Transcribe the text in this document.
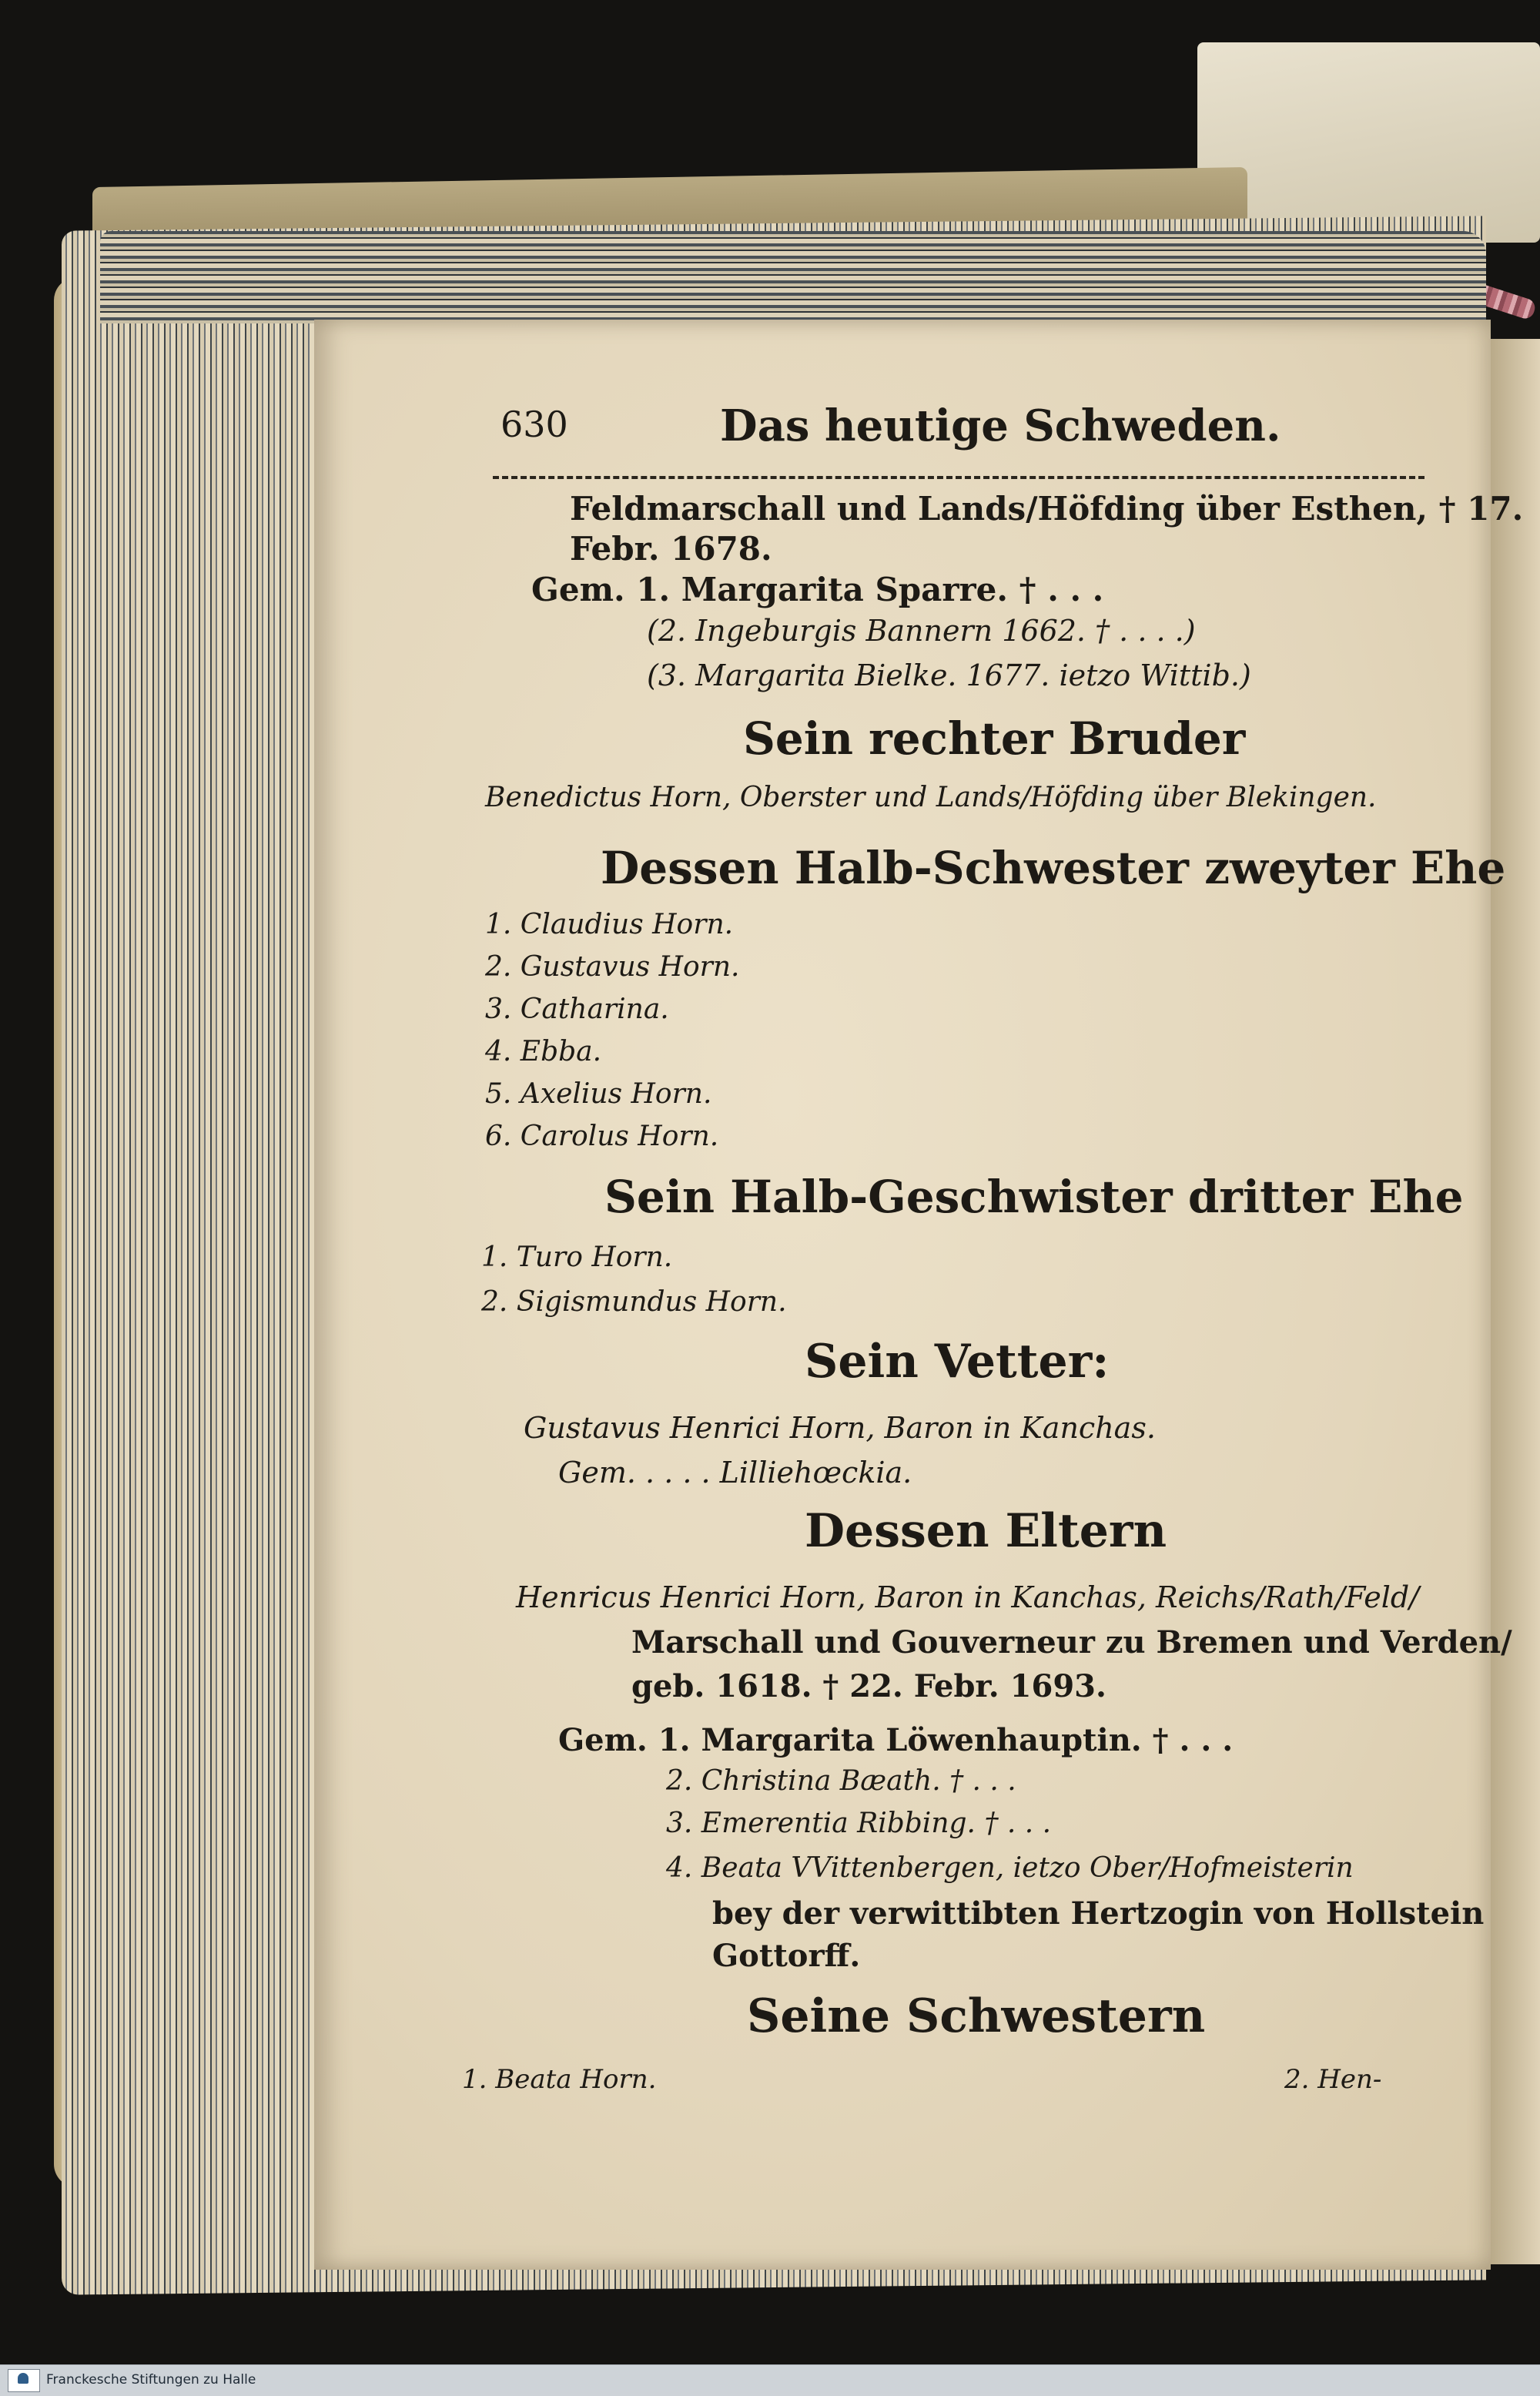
630	Das heutige Schweden.
Feldmarschall und Lands/Höfding über Esthen, † 17.
Febr. 1678.
Gem. 1. Margarita Sparre. † . . .
(2. Ingeburgis Bannern 1662. † . . . .)
(3. Margarita Bielke. 1677. ietzo Wittib.)
Sein rechter Bruder
Benedictus Horn, Oberster und Lands/Höfding über Blekingen.
Dessen Halb-Schwester zweyter Ehe
1. Claudius Horn.
2. Gustavus Horn.
3. Catharina.
4. Ebba.
5. Axelius Horn.
6. Carolus Horn.
Sein Halb-Geschwister dritter Ehe
1. Turo Horn.
2. Sigismundus Horn.
Sein Vetter:
Gustavus Henrici Horn, Baron in Kanchas.
Gem. . . . . Lilliehœckia.
Dessen Eltern
Henricus Henrici Horn, Baron in Kanchas, Reichs/Rath/Feld/
Marschall und Gouverneur zu Bremen und Verden/
geb. 1618. † 22. Febr. 1693.
Gem. 1. Margarita Löwenhauptin. † . . .
2. Christina Bæath. † . . .
3. Emerentia Ribbing. † . . .
4. Beata VVittenbergen, ietzo Ober/Hofmeisterin
bey der verwittibten Hertzogin von Hollstein
Gottorff.
Seine Schwestern
1. Beata Horn.	2. Hen-
Franckesche Stiftungen zu Halle
